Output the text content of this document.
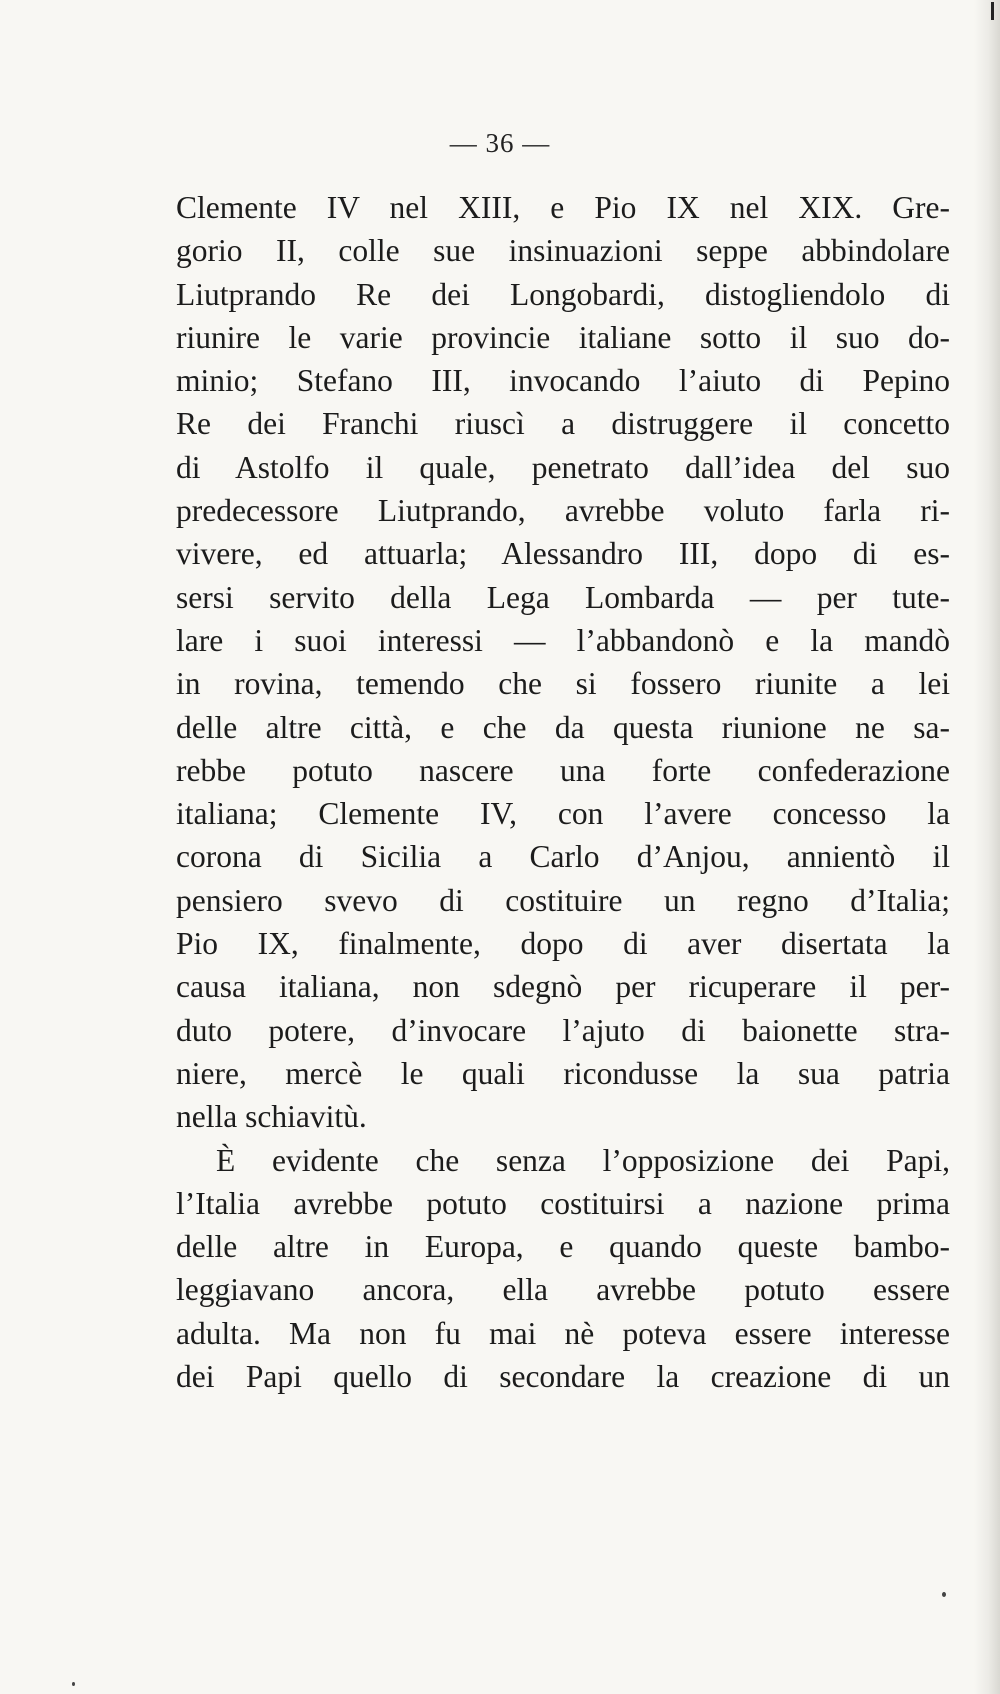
— 36 —
Clemente IV nel XIII, e Pio IX nel XIX. Gre-
gorio II, colle sue insinuazioni seppe abbindolare
Liutprando Re dei Longobardi, distogliendolo di
riunire le varie provincie italiane sotto il suo do-
minio; Stefano III, invocando l’aiuto di Pepino
Re dei Franchi riuscì a distruggere il concetto
di Astolfo il quale, penetrato dall’idea del suo
predecessore Liutprando, avrebbe voluto farla ri-
vivere, ed attuarla; Alessandro III, dopo di es-
sersi servito della Lega Lombarda — per tute-
lare i suoi interessi — l’abbandonò e la mandò
in rovina, temendo che si fossero riunite a lei
delle altre città, e che da questa riunione ne sa-
rebbe potuto nascere una forte confederazione
italiana; Clemente IV, con l’avere concesso la
corona di Sicilia a Carlo d’Anjou, annientò il
pensiero svevo di costituire un regno d’Italia;
Pio IX, finalmente, dopo di aver disertata la
causa italiana, non sdegnò per ricuperare il per-
duto potere, d’invocare l’ajuto di baionette stra-
niere, mercè le quali ricondusse la sua patria
nella schiavitù.
È evidente che senza l’opposizione dei Papi,
l’Italia avrebbe potuto costituirsi a nazione prima
delle altre in Europa, e quando queste bambo-
leggiavano ancora, ella avrebbe potuto essere
adulta. Ma non fu mai nè poteva essere interesse
dei Papi quello di secondare la creazione di un
